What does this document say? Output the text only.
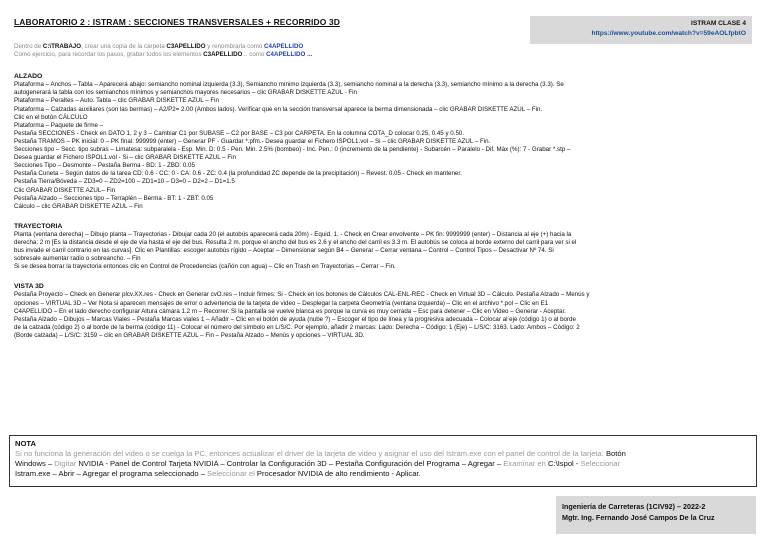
LABORATORIO 2 : ISTRAM : SECCIONES TRANSVERSALES + RECORRIDO 3D	ISTRAM CLASE 4
https://www.youtube.com/watch?v=59eAOLfpbtO

Dentro de C:\TRABAJO, crear una copia de la carpeta C3APELLIDO y renombrarla como C4APELLIDO

Como ejercicio, para recordar los pasos, grabar todos los elementos C3APELLIDO... como C4APELLIDO ...

ALZADO

Plataforma – Anchos – Tabla – Aparecerá abajo: semiancho nominal izquierda (3.3), Semiancho mínimo izquierda (3.3), semiancho nominal a la derecha (3.3), semiancho mínimo a la derecha (3.3). Se

autogenerará la tabla con los semianchos mínimos y semianchos mayores necesarios – clic GRABAR DISKETTE AZUL - Fin

Plataforma – Peraltes – Auto. Tabla – clic GRABAR DISKETTE AZUL – Fin

Plataforma – Calzadas auxiliares (son las bermas) – A2/P2= 2.00 (Ambos lados). Verificar que en la sección transversal aparece la berma dimensionada – clic GRABAR DISKETTE AZUL – Fin.

Clic en el botón CÁLCULO

Plataforma – Paquete de firme –

Pestaña SECCIONES - Check en DATO 1, 2 y 3 – Cambiar C1 por SUBASE – C2 por BASE – C3 por CARPETA. En la columna COTA_D colocar 0.25, 0.45 y 0.50.

Pestaña TRAMOS – PK inicial: 0 – PK final: 999999 (enter) – Generar PF - Guardar *.pfm.- Desea guardar el Fichero ISPOL1.vol – Si – clic GRABAR DISKETTE AZUL – Fin.

Secciones tipo – Secc. tipo subras – Limatesa: subparalela - Esp. Min. D: 0.5 - Pen. Min. 2.5% (bombeo) - Inc. Pen.: 0 (incremento de la pendiente) - Subarcén – Paralelo - Dif. Máx (%): 7 - Grabar *.stp –

Desea guardar el Fichero ISPOL1.vol - Si – clic GRABAR DISKETTE AZUL – Fin

Secciones Tipo – Desmonte – Pestaña Berma - BD: 1 - ZBD: 0.05

Pestaña Cuneta – Según datos de la tarea CD: 0.6 - CC: 0 - CA: 0.6 - ZC: 0.4 (la profundidad ZC depende de la precipitación) – Revest. 0.05 - Check en mantener.

Pestaña Tierra/Bóveda – ZD3=0 – ZD2=100 – ZD1=10 – D3=0 – D2=2 – D1=1.5

Clic GRABAR DISKETTE AZUL– Fin

Pestaña Alzado – Secciones tipo – Terraplén – Berma - BT: 1 - ZBT: 0.05

Cálculo – clic GRABAR DISKETTE AZUL – Fin

TRAYECTORIA

Planta (ventana derecha) – Dibujo planta – Trayectorias - Dibujar cada 20 (el autobús aparecerá cada 20m) - Equid. 1. - Check en Crear envolvente – PK fin: 9999999 (enter) – Distancia al eje (+) hacia la

derecha: 2 m [Es la distancia desde el eje de vía hasta el eje del bus. Resulta 2 m. porque el ancho del bus es 2.6 y el ancho del carril es 3.3 m. El autobús se coloca al borde externo del carril para ver si el

bus invade el carril contrario en las curvas]. Clic en Plantillas: escoger autobús rígido – Aceptar – Dimensionar según B4 – Generar – Cerrar ventana – Control – Control Tipos – Desactivar Nº 74. Si

sobresale aumentar radio o sobreancho. – Fin

Si se desea borrar la trayectoria entonces clic en Control de Procedencias (cañón con agua) – Clic en Trash en Trayectorias – Cerrar – Fin.

VISTA 3D

Pestaña Proyecto – Check en Generar plcv.XX.res - Check en Generar cvO.res – Incluir firmes: Si - Check en los botones de Cálculos CAL-ENL-REC - Check en Virtual 3D – Cálculo. Pestaña Alzado – Menús y

opciones – VIRTUAL 3D – Ver Nota si aparecen mensajes de error o advertencia de la tarjeta de video – Desplegar la carpeta Geometría (ventana izquierda) – Clic en el archivo *.pol – Clic en E1

C4APELLIDO – En el lado derecho configurar Altura cámara 1.2 m – Recorrer. Si la pantalla se vuelve blanca es porque la curva es muy cerrada – Esc para detener – Clic en Video – Generar - Aceptar.

Pestaña Alzado – Dibujos – Marcas Viales – Pestaña Marcas viales 1 – Añadir – Clic en el botón de ayuda (nube ?) – Escoger el tipo de línea y la progresiva adecuada – Colocar al eje (código 1) o al borde

de la calzada (código 2) o al borde de la berma (código 11) - Colocar el número del símbolo en L/S/C. Por ejemplo, añadir 2 marcas: Lado: Derecha – Código: 1 (Eje) – L/S/C: 3163. Lado: Ambos – Código: 2

(Borde calzada) – L/S/C: 3159 – clic en GRABAR DISKETTE AZUL – Fin – Pestaña Alzado – Menús y opciones – VIRTUAL 3D.

NOTA
Si no funciona la generación del video o se cuelga la PC, entonces actualizar el driver de la tarjeta de video y asignar el uso del Istram.exe con el panel de control de la tarjeta: Botón
Windows – Digitar NVIDIA - Panel de Control Tarjeta NVIDIA – Controlar la Configuración 3D – Pestaña Configuración del Programa – Agregar – Examinar en C:\Ispol - Seleccionar
Istram.exe – Abrir – Agregar el programa seleccionado – Seleccionar el Procesador NVIDIA de alto rendimiento - Aplicar.
Ingeniería de Carreteras (1CIV92) – 2022-2
Mgtr. Ing. Fernando José Campos De la Cruz
